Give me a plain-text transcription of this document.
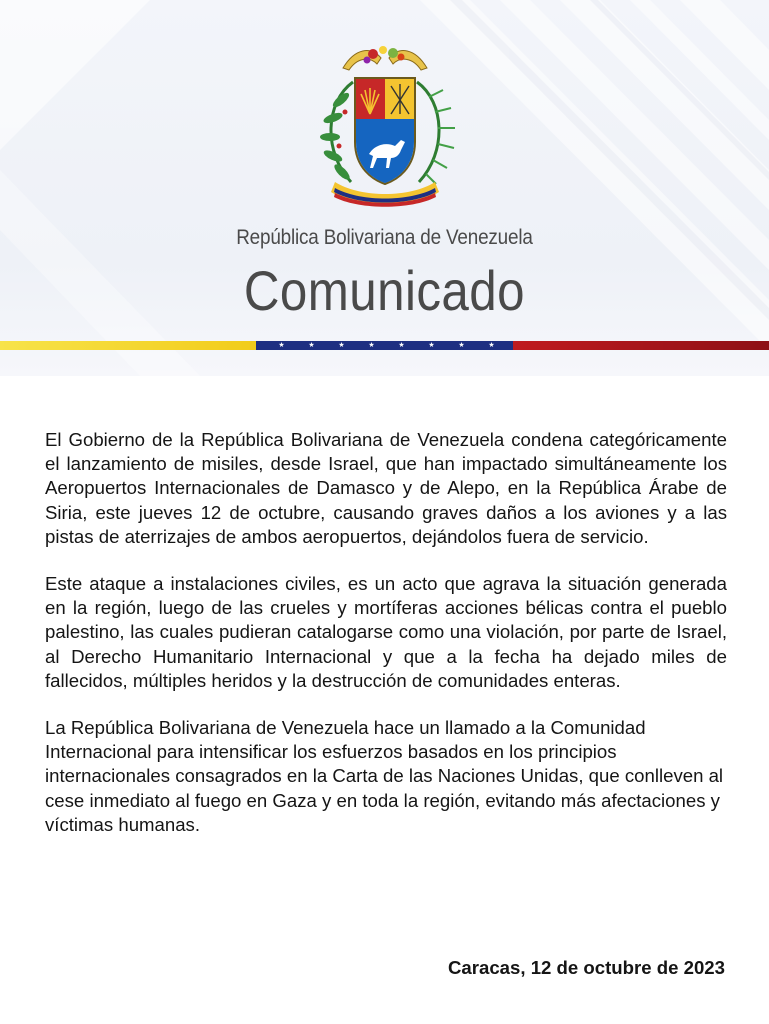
República Bolivariana de Venezuela
Comunicado
★	★	★	★	★	★	★	★

El Gobierno de la República Bolivariana de Venezuela condena categóricamente el lanzamiento de misiles, desde Israel, que han impactado simultáneamente los Aeropuertos Internacionales de Damasco y de Alepo, en la República Árabe de Siria, este jueves 12 de octubre, causando graves daños a los aviones y a las pistas de aterrizajes de ambos aeropuertos, dejándolos fuera de servicio.

Este ataque a instalaciones civiles, es un acto que agrava la situación generada en la región, luego de las crueles y mortíferas acciones bélicas contra el pueblo palestino, las cuales pudieran catalogarse como una violación, por parte de Israel, al Derecho Humanitario Internacional y que a la fecha ha dejado miles de fallecidos, múltiples heridos y la destrucción de comunidades enteras.

La República Bolivariana de Venezuela hace un llamado a la Comunidad Internacional para intensificar los esfuerzos basados en los principios internacionales consagrados en la Carta de las Naciones Unidas, que conlleven al cese inmediato al fuego en Gaza y en toda la región, evitando más afectaciones y víctimas humanas.

Caracas, 12 de octubre de 2023
